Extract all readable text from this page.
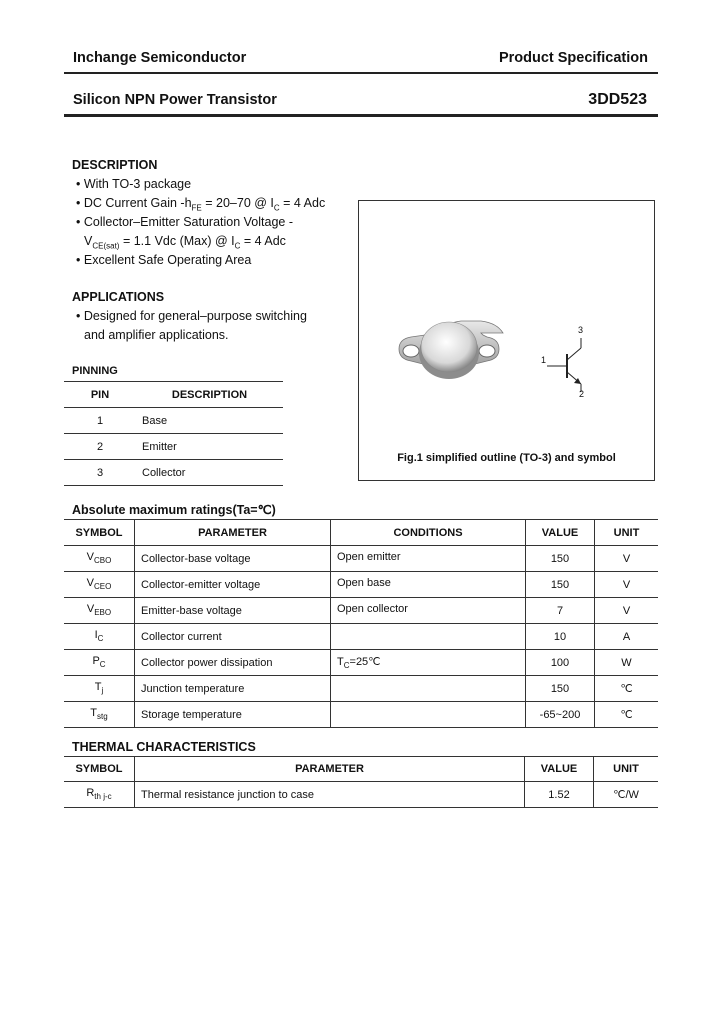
Inchange Semiconductor	Product Specification
Silicon NPN Power Transistor	3DD523
DESCRIPTION
• With TO-3 package
• DC Current Gain $-h_{FE} = 20-70$ @ $I_C = 4$ Adc
• Collector–Emitter Saturation Voltage -
$V_{CE(sat)} = 1.1$ Vdc (Max) @ $I_C = 4$ Adc
• Excellent Safe Operating Area
APPLICATIONS
• Designed for general–purpose switching
and amplifier applications.
1
2
3
Fig.1 simplified outline (TO-3) and symbol
PINNING
PIN	DESCRIPTION
1	Base
2	Emitter
3	Collector
Absolute maximum ratings(Ta=℃)
SYMBOL	PARAMETER	CONDITIONS	VALUE	UNIT
$V_{CBO}$	Collector-base voltage	Open emitter	150	V
$V_{CEO}$	Collector-emitter voltage	Open base	150	V
$V_{EBO}$	Emitter-base voltage	Open collector	7	V
$I_C$	Collector current		10	A
$P_C$	Collector power dissipation	$T_C=25℃$	100	W
$T_j$	Junction temperature		150	℃
$T_{stg}$	Storage temperature		-65~200	℃
THERMAL CHARACTERISTICS
SYMBOL	PARAMETER	VALUE	UNIT
$R_{th j-c}$	Thermal resistance junction to case	1.52	℃/W
